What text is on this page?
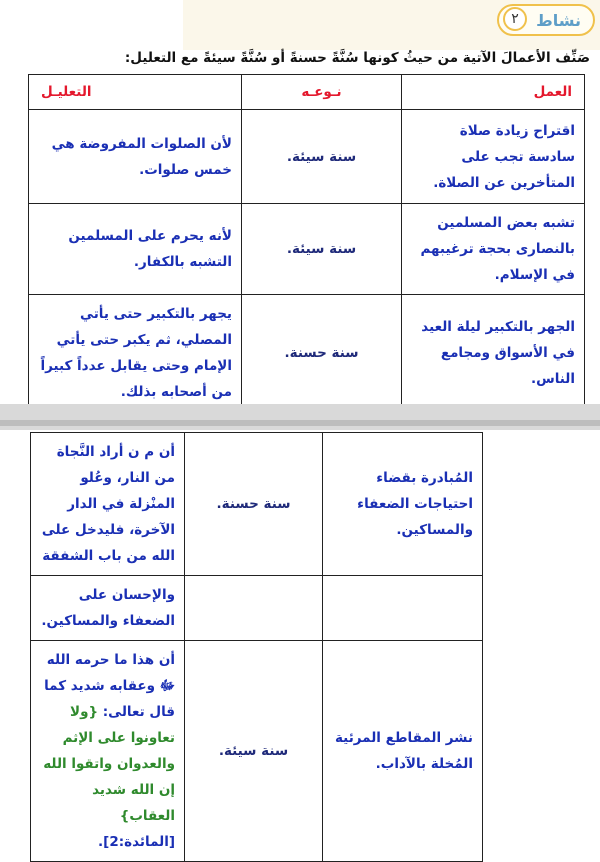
نشاط
٢
صَنِّف الأعمالَ الآتية من حيثُ كونها سُنَّةً حسنةً أو سُنَّةً سيئةً مع التعليل:
العمل	نـوعـه	التعليـل
اقتراح زيادة صلاة سادسة تجب على المتأخرين عن الصلاة.	سنة سيئة.	لأن الصلوات المفروضة هي خمس صلوات.
تشبه بعض المسلمين بالنصارى بحجة ترغيبهم في الإسلام.	سنة سيئة.	لأنه يحرم على المسلمين التشبه بالكفار.
الجهر بالتكبير ليلة العيد في الأسواق ومجامع الناس.	سنة حسنة.	يجهر بالتكبير حتى يأتي المصلي، ثم يكبر حتى يأتي الإمام وحتى يقابل عدداً كبيراً من أصحابه بذلك.
المُبادرة بقضاء احتياجات الضعفاء والمساكين.	سنة حسنة.	أن م ن أراد النَّجاة من النار، وعُلو المنْزلة في الدار الآخرة، فليدخل على الله من باب الشفقة
		والإحسان على الضعفاء والمساكين.
نشر المقاطع المرئية المُخلة بالآداب.	سنة سيئة.	أن هذا ما حرمه الله ﷻ وعقابه شديد كما قال تعالى: {ولا تعاونوا على الإثم والعدوان واتقوا الله إن الله شديد العقاب} [المائدة:2].
